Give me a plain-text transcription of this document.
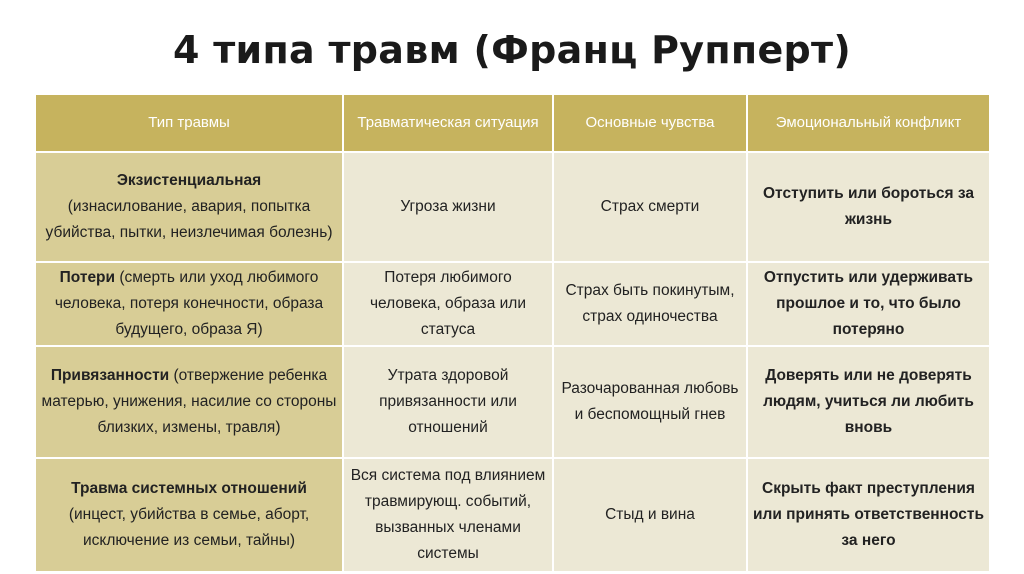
4 типа травм (Франц Рупперт)
Тип травмы	Травматическая ситуация	Основные чувства	Эмоциональный конфликт
Экзистенциальная
(изнасилование, авария, попытка убийства, пытки, неизлечимая болезнь)	Угроза жизни	Страх смерти	Отступить или бороться за жизнь
Потери (смерть или уход любимого человека, потеря конечности, образа будущего, образа Я)	Потеря любимого человека, образа или статуса	Страх быть покинутым, страх одиночества	Отпустить или удерживать прошлое и то, что было потеряно
Привязанности (отвержение ребенка матерью, унижения, насилие со стороны близких, измены, травля)	Утрата здоровой привязанности или отношений	Разочарованная любовь и беспомощный гнев	Доверять или не доверять людям, учиться ли любить вновь
Травма системных отношений
(инцест, убийства в семье, аборт, исключение из семьи, тайны)	Вся система под влиянием травмирующ. событий, вызванных членами системы	Стыд и вина	Скрыть факт преступления или принять ответственность за него
